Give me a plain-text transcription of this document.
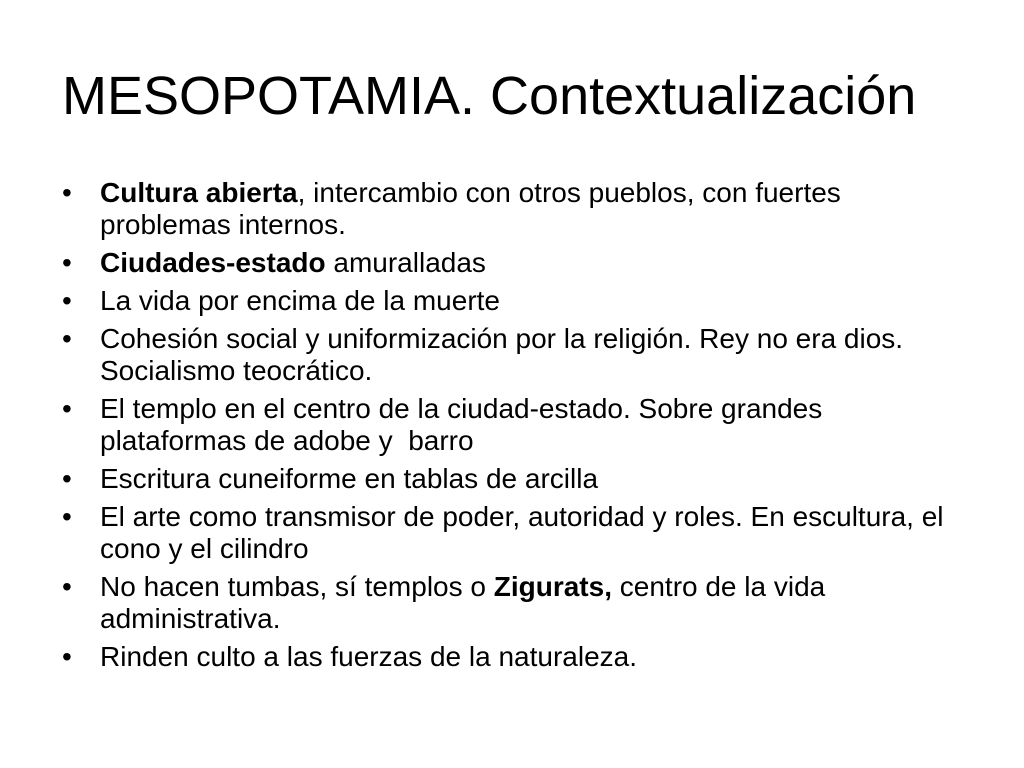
MESOPOTAMIA. Contextualización
• Cultura abierta, intercambio con otros pueblos, con fuertes problemas internos.
• Ciudades-estado amuralladas
• La vida por encima de la muerte
• Cohesión social y uniformización por la religión. Rey no era dios. Socialismo teocrático.
• El templo en el centro de la ciudad-estado. Sobre grandes plataformas de adobe y  barro
• Escritura cuneiforme en tablas de arcilla
• El arte como transmisor de poder, autoridad y roles. En escultura, el cono y el cilindro
• No hacen tumbas, sí templos o Zigurats, centro de la vida administrativa.
• Rinden culto a las fuerzas de la naturaleza.
